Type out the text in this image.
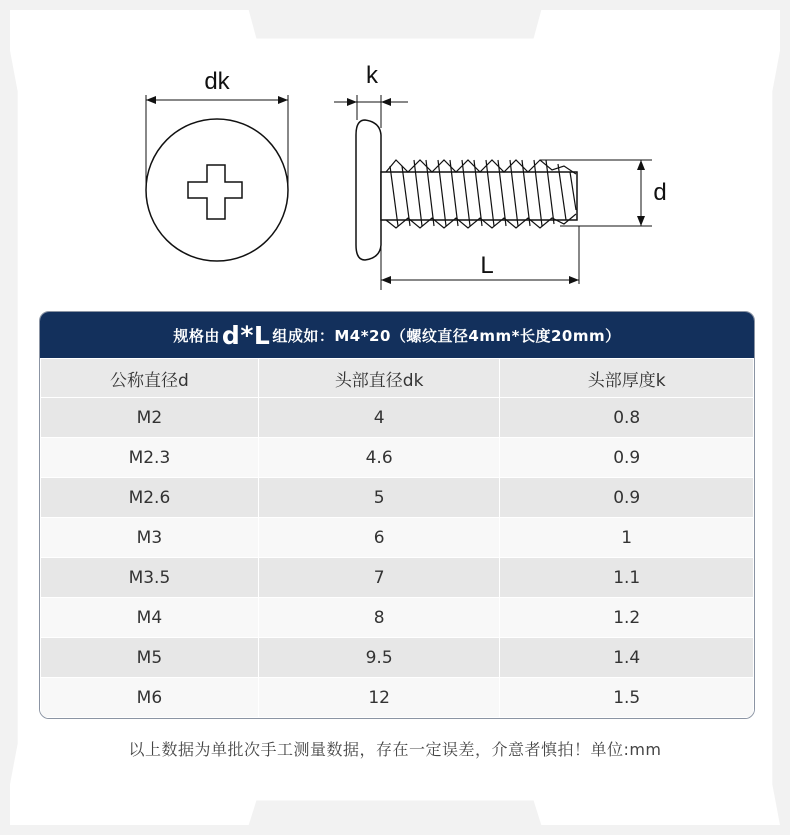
dk	k
d
L
规格由 d*L 组成如：M4*20（螺纹直径4mm*长度20mm）
公称直径d	头部直径dk	头部厚度k
M2	4	0.8
M2.3	4.6	0.9
M2.6	5	0.9
M3	6	1
M3.5	7	1.1
M4	8	1.2
M5	9.5	1.4
M6	12	1.5
以上数据为单批次手工测量数据，存在一定误差，介意者慎拍！单位:mm
